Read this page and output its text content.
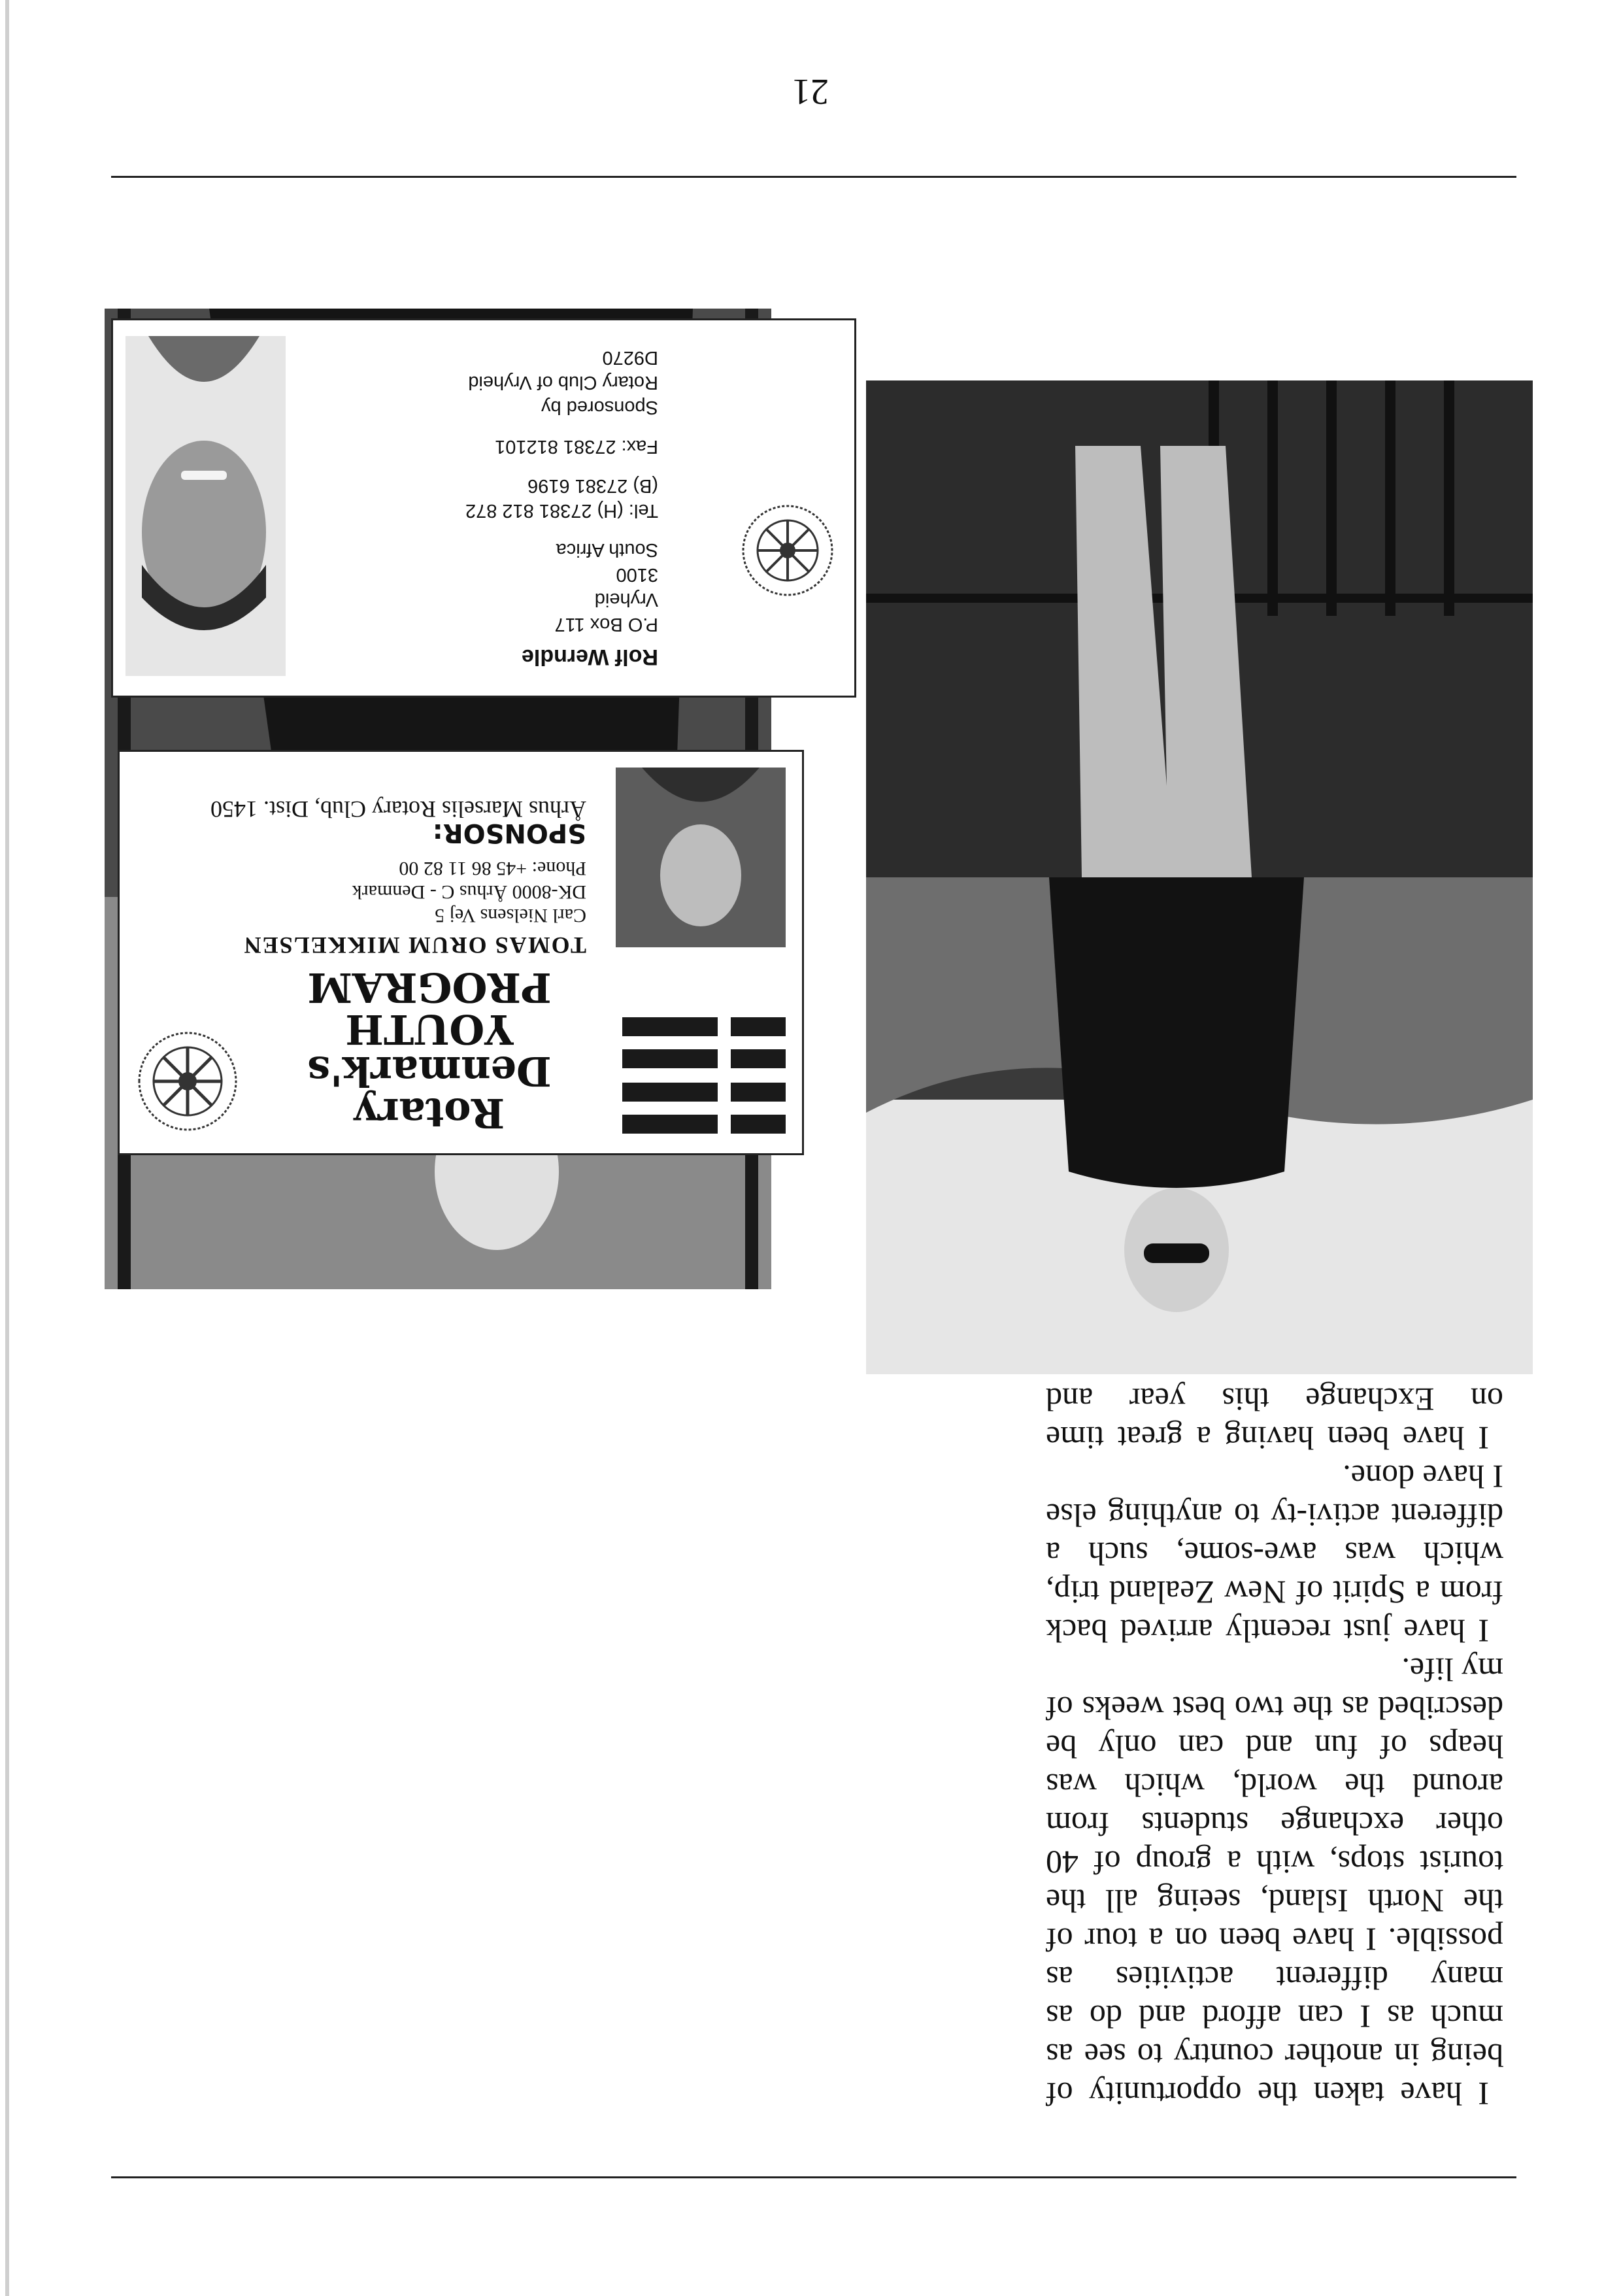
I have taken the opportunity of being in another country to see as much as I can afford and do as many different activities as possible. I have been on a tour of the North Island, seeing all the tourist stops, with a group of 40 other exchange students from around the world, which was heaps of fun and can only be described as the two best weeks of my life.

I have just recently arrived back from a Spirit of New Zealand trip, which was awe-some, such a different activi-ty to anything else I have done.

I have been having a great time on Exchange this year and

Rotary Denmark's
YOUTH
PROGRAM
TOMAS ORUM MIKKELSEN
Carl Nielsens Vej 5
DK-8000 Århus C - Denmark
Phone: +45 86 11 82 00
SPONSOR:
Århus Marselis Rotary Club, Dist. 1450
Rolf Werndle
P.O Box 117
Vryheid
3100
South Africa
Tel: (H) 27381 812 872
(B) 27381 6196
Fax: 27381 812101
Sponsored by
Rotary Club of Vryheid
D9270
21
